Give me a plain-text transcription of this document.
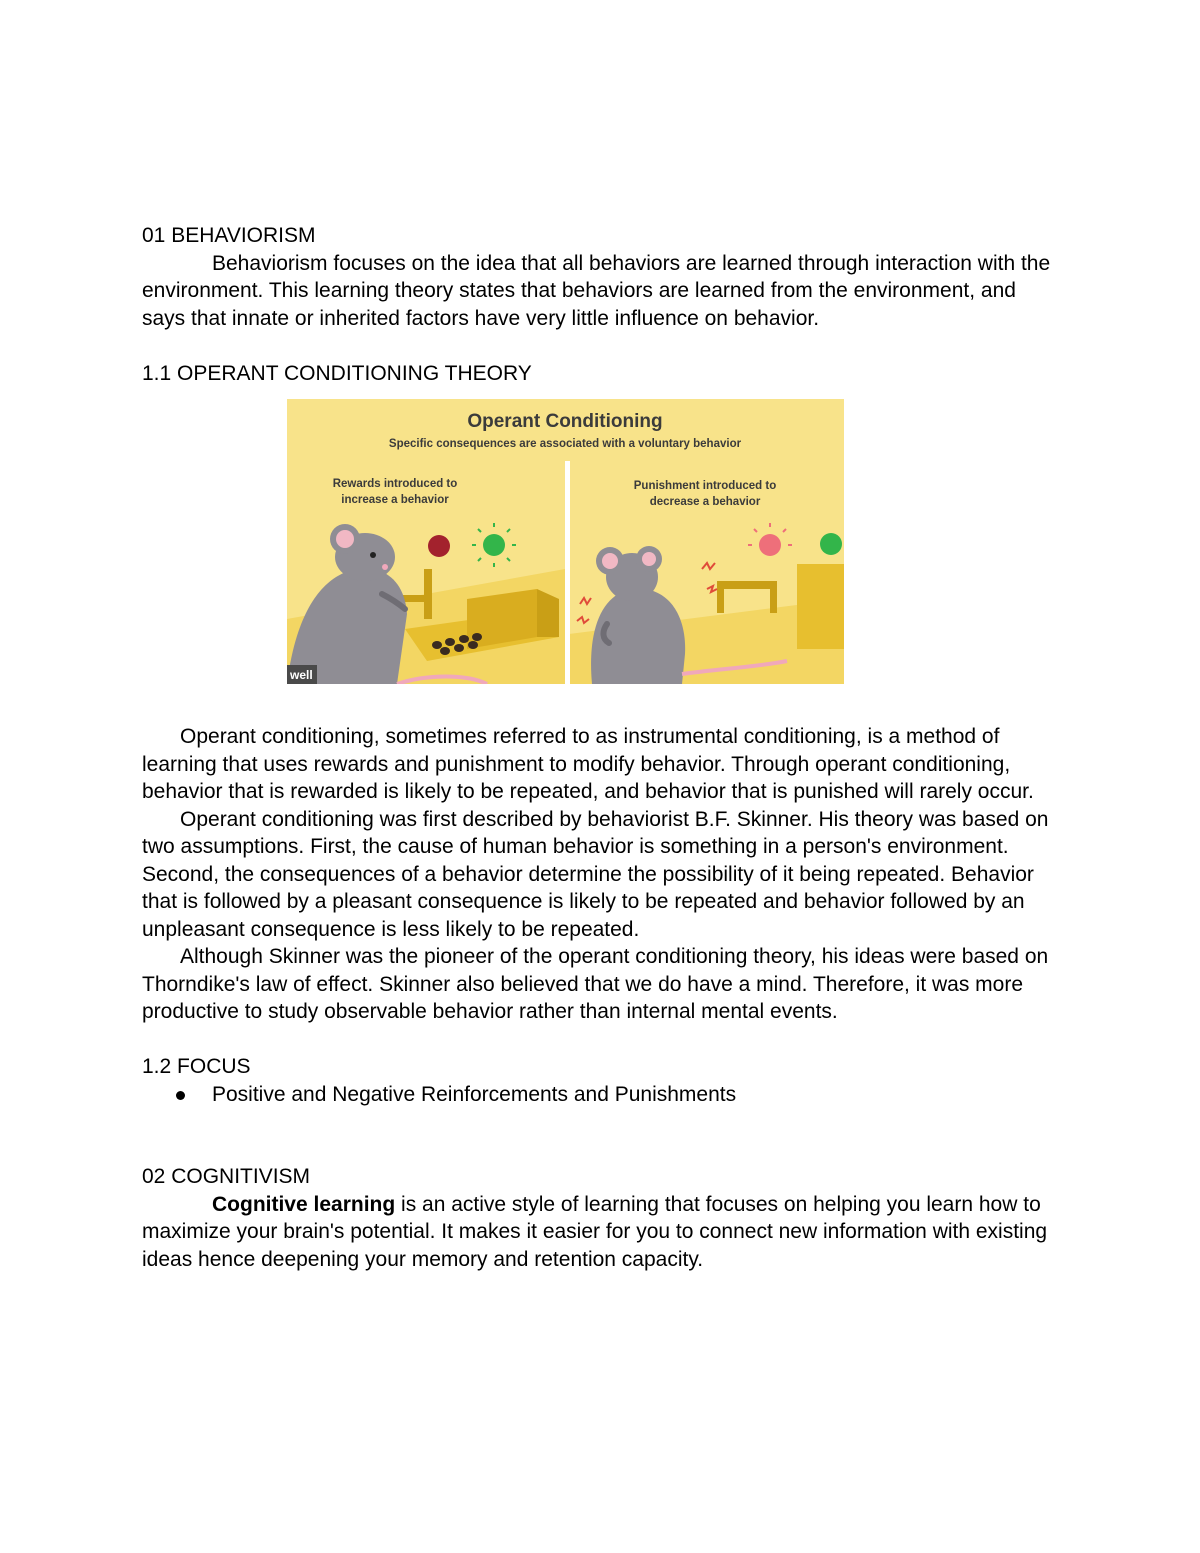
01 BEHAVIORISM

Behaviorism focuses on the idea that all behaviors are learned through interaction with the environment. This learning theory states that behaviors are learned from the environment, and says that innate or inherited factors have very little influence on behavior.

1.1 OPERANT CONDITIONING THEORY

Operant Conditioning
Specific consequences are associated with a voluntary behavior
Rewards introduced to
increase a behavior
Punishment introduced to
decrease a behavior
well

Operant conditioning, sometimes referred to as instrumental conditioning, is a method of learning that uses rewards and punishment to modify behavior. Through operant conditioning, behavior that is rewarded is likely to be repeated, and behavior that is punished will rarely occur.

Operant conditioning was first described by behaviorist B.F. Skinner. His theory was based on two assumptions. First, the cause of human behavior is something in a person's environment. Second, the consequences of a behavior determine the possibility of it being repeated. Behavior that is followed by a pleasant consequence is likely to be repeated and behavior followed by an unpleasant consequence is less likely to be repeated.

Although Skinner was the pioneer of the operant conditioning theory, his ideas were based on Thorndike's law of effect. Skinner also believed that we do have a mind. Therefore, it was more productive to study observable behavior rather than internal mental events.

1.2 FOCUS

Positive and Negative Reinforcements and Punishments

02 COGNITIVISM

Cognitive learning is an active style of learning that focuses on helping you learn how to maximize your brain's potential. It makes it easier for you to connect new information with existing ideas hence deepening your memory and retention capacity.
